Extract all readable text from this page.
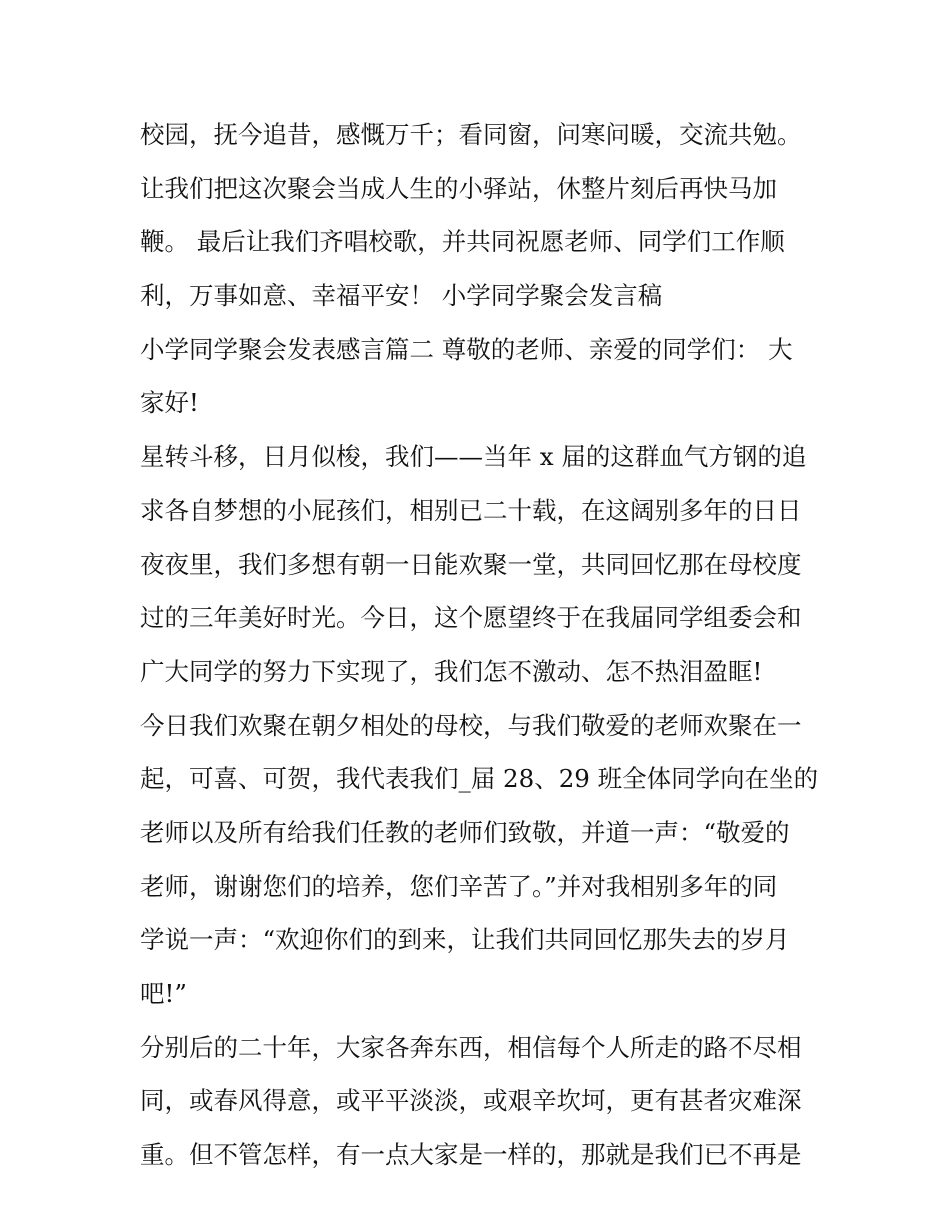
校园，抚今追昔，感慨万千；看同窗，问寒问暖，交流共勉。
让我们把这次聚会当成人生的小驿站，休整片刻后再快马加
鞭。 最后让我们齐唱校歌，并共同祝愿老师、同学们工作顺
利，万事如意、幸福平安！ 小学同学聚会发言稿
小学同学聚会发表感言篇二 尊敬的老师、亲爱的同学们： 大
家好!
星转斗移，日月似梭，我们——当年 x 届的这群血气方钢的追
求各自梦想的小屁孩们，相别已二十载，在这阔别多年的日日
夜夜里，我们多想有朝一日能欢聚一堂，共同回忆那在母校度
过的三年美好时光。今日，这个愿望终于在我届同学组委会和
广大同学的努力下实现了，我们怎不激动、怎不热泪盈眶!
今日我们欢聚在朝夕相处的母校，与我们敬爱的老师欢聚在一
起，可喜、可贺，我代表我们_届 28、29 班全体同学向在坐的
老师以及所有给我们任教的老师们致敬，并道一声：“敬爱的
老师，谢谢您们的培养，您们辛苦了。”并对我相别多年的同
学说一声：“欢迎你们的到来，让我们共同回忆那失去的岁月
吧!”
分别后的二十年，大家各奔东西，相信每个人所走的路不尽相
同，或春风得意，或平平淡淡，或艰辛坎坷，更有甚者灾难深
重。但不管怎样，有一点大家是一样的，那就是我们已不再是
